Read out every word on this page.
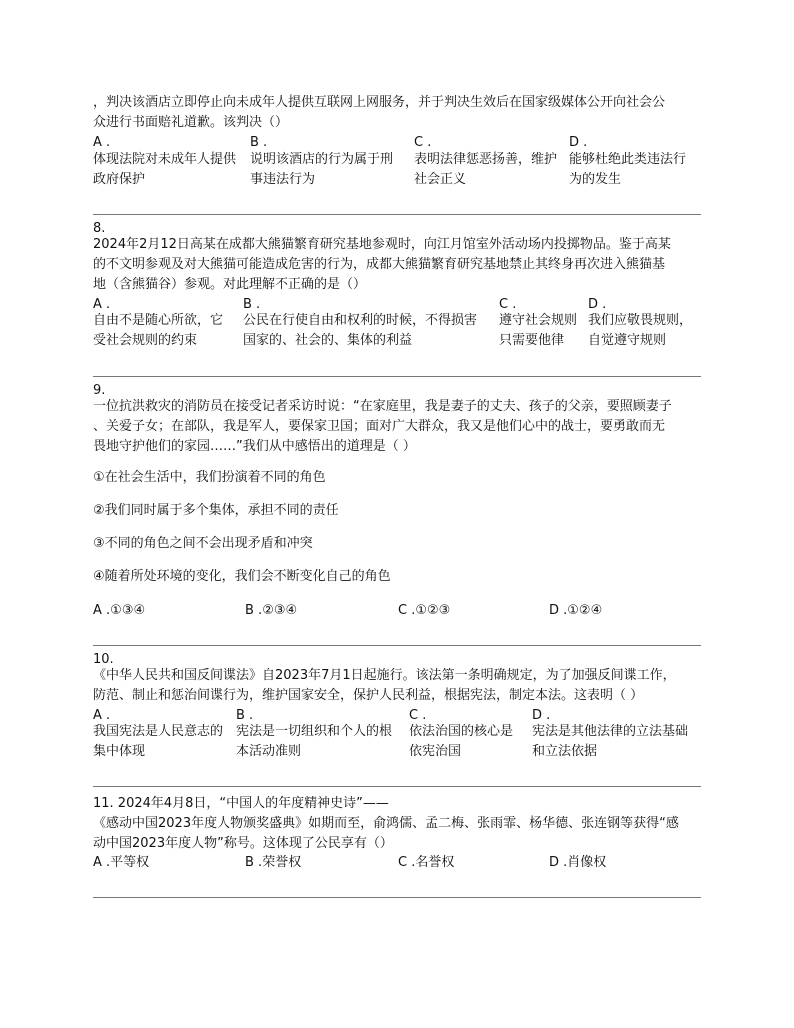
，判决该酒店立即停止向未成年人提供互联网上网服务，并于判决生效后在国家级媒体公开向社会公
众进行书面赔礼道歉。该判决（）
A .
体现法院对未成年人提供
政府保护
B .
说明该酒店的行为属于刑
事违法行为
C .
表明法律惩恶扬善，维护
社会正义
D .
能够杜绝此类违法行
为的发生
8.
2024年2月12日高某在成都大熊猫繁育研究基地参观时，向江月馆室外活动场内投掷物品。鉴于高某
的不文明参观及对大熊猫可能造成危害的行为，成都大熊猫繁育研究基地禁止其终身再次进入熊猫基
地（含熊猫谷）参观。对此理解不正确的是（）
A .
自由不是随心所欲，它
受社会规则的约束
B .
公民在行使自由和权利的时候，不得损害
国家的、社会的、集体的利益
C .
遵守社会规则
只需要他律
D .
我们应敬畏规则，
自觉遵守规则
9.
一位抗洪救灾的消防员在接受记者采访时说：“在家庭里，我是妻子的丈夫、孩子的父亲，要照顾妻子
、关爱子女；在部队，我是军人，要保家卫国；面对广大群众，我又是他们心中的战士，要勇敢而无
畏地守护他们的家园……”我们从中感悟出的道理是（ ）
①在社会生活中，我们扮演着不同的角色
②我们同时属于多个集体，承担不同的责任
③不同的角色之间不会出现矛盾和冲突
④随着所处环境的变化，我们会不断变化自己的角色
A .①③④	B .②③④	C .①②③	D .①②④
10.
《中华人民共和国反间谍法》自2023年7月1日起施行。该法第一条明确规定，为了加强反间谍工作，
防范、制止和惩治间谍行为，维护国家安全，保护人民利益，根据宪法，制定本法。这表明（ ）
A .
我国宪法是人民意志的
集中体现
B .
宪法是一切组织和个人的根
本活动准则
C .
依法治国的核心是
依宪治国
D .
宪法是其他法律的立法基础
和立法依据
11. 2024年4月8日，“中国人的年度精神史诗”——
《感动中国2023年度人物颁奖盛典》如期而至，俞鸿儒、孟二梅、张雨霏、杨华德、张连钢等获得“感
动中国2023年度人物”称号。这体现了公民享有（）
A .平等权	B .荣誉权	C .名誉权	D .肖像权
